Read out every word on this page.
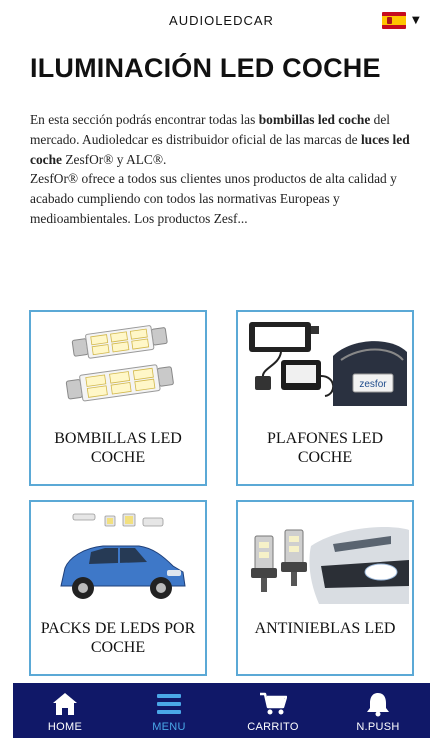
AUDIOLEDCAR	▼
ILUMINACIÓN LED COCHE
En esta sección podrás encontrar todas las bombillas led coche del mercado. Audioledcar es distribuidor oficial de las marcas de luces led coche ZesfOr® y ALC®.
ZesfOr® ofrece a todos sus clientes unos productos de alta calidad y acabado cumpliendo con todos las normativas Europeas y medioambientales. Los productos Zesf...
BOMBILLAS LED COCHE
zesfor
PLAFONES LED COCHE
PACKS DE LEDS POR COCHE
ANTINIEBLAS LED
HOME	MENU	CARRITO	N.PUSH
